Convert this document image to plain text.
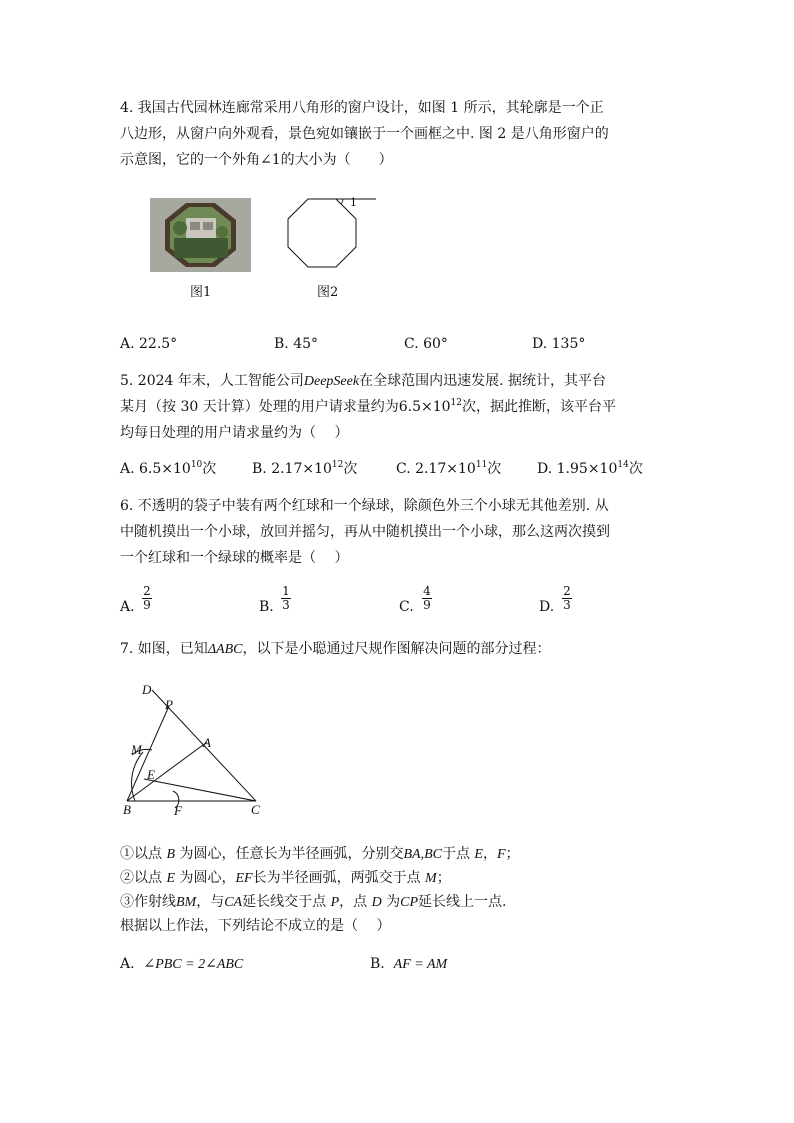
4. 我国古代园林连廊常采用八角形的窗户设计，如图 1 所示，其轮廓是一个正
八边形，从窗户向外观看，景色宛如镶嵌于一个画框之中. 图 2 是八角形窗户的
示意图，它的一个外角∠1的大小为（　　）
图1
1
图2
A. 22.5°	B. 45°	C. 60°	D. 135°
5. 2024 年末，人工智能公司DeepSeek在全球范围内迅速发展. 据统计，其平台
某月（按 30 天计算）处理的用户请求量约为$6.5\times 10^{12}$次，据此推断，该平台平
均每日处理的用户请求量约为（　 ）
A. $6.5\times 10^{10}$次	B. $2.17\times 10^{12}$次	C. $2.17\times 10^{11}$次	D. $1.95\times 10^{14}$次
6. 不透明的袋子中装有两个红球和一个绿球，除颜色外三个小球无其他差别. 从
中随机摸出一个小球，放回并摇匀，再从中随机摸出一个小球，那么这两次摸到
一个红球和一个绿球的概率是（　 ）
A.
2
9	B.
1
3	C.
4
9	D.
2
3
7. 如图，已知ΔABC，以下是小聪通过尺规作图解决问题的部分过程：
D
P
M	A
E
B	F	C
①以点 B 为圆心，任意长为半径画弧，分别交BA,BC于点 E，F；
②以点 E 为圆心，EF长为半径画弧，两弧交于点 M；
③作射线BM，与CA延长线交于点 P，点 D 为CP延长线上一点.
根据以上作法，下列结论不成立的是（　 ）
A. ∠PBC = 2∠ABC	B. AF = AM
